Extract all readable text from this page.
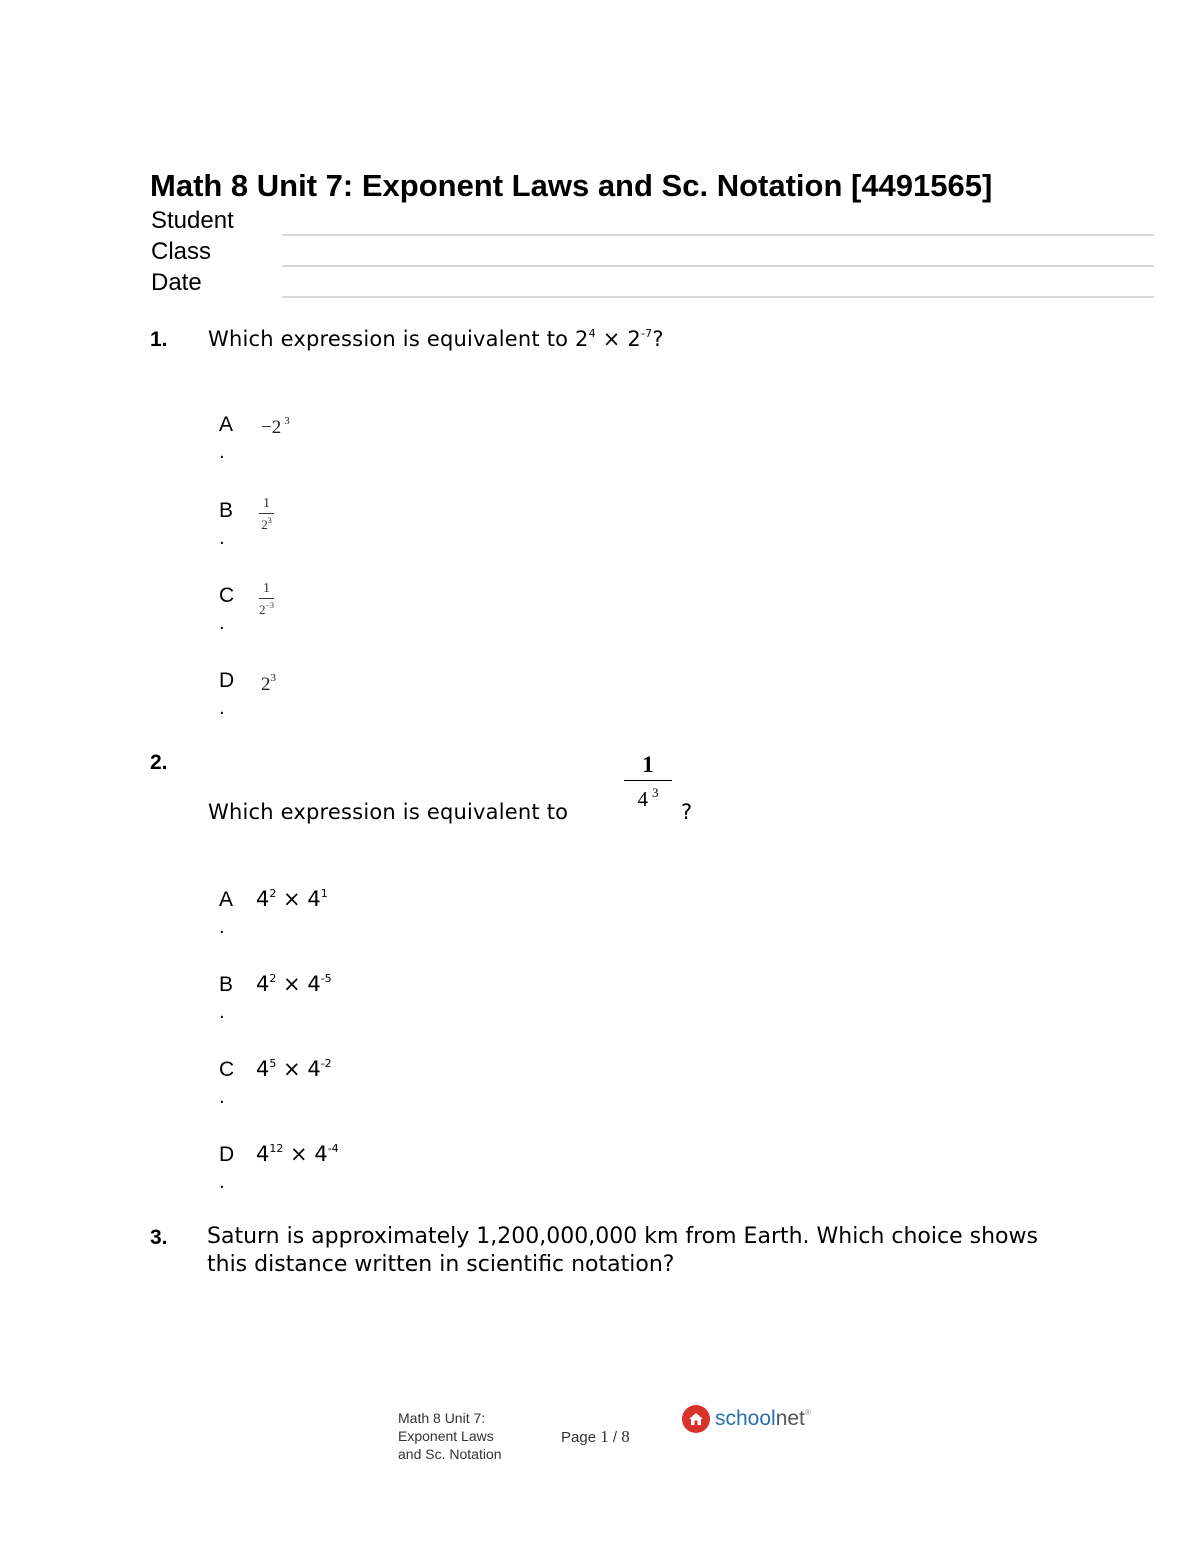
Math 8 Unit 7: Exponent Laws and Sc. Notation [4491565]
Student
Class
Date
1. Which expression is equivalent to $2^4 \times 2^{-7}$?
A
.
−2 $^3$
B
.
$\frac{1}{2^3}$
C
.
$\frac{1}{2^{-3}}$
D
.
$2^3$
2.
Which expression is equivalent to $\frac{1}{4 ^3}$ ?
A
.
$4^2 \times 4^1$
B
.
$4^2 \times 4^{-5}$
C
.
$4^5 \times 4^{-2}$
D
.
$4^{12} \times 4^{-4}$
3. Saturn is approximately 1,200,000,000 km from Earth. Which choice shows this distance written in scientific notation?
Math 8 Unit 7:
Exponent Laws
and Sc. Notation
Page 1 / 8
schoolnet®
